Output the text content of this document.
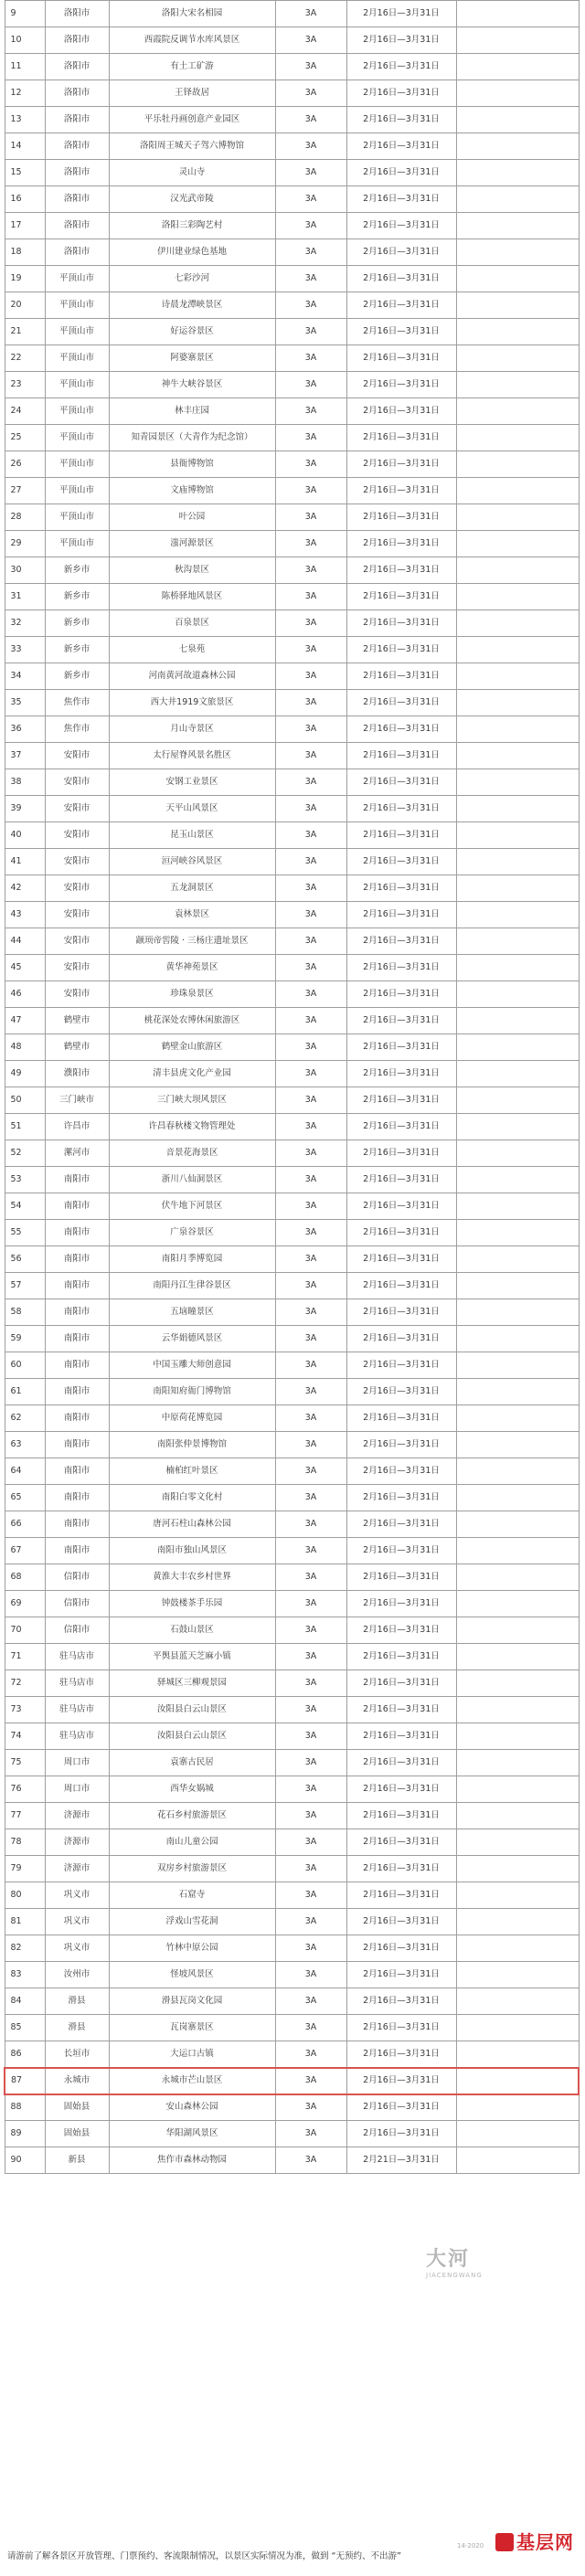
9	洛阳市	洛阳大宋名相园	3A	2月16日—3月31日	
10	洛阳市	西霞院反调节水库风景区	3A	2月16日—3月31日	
11	洛阳市	有土工矿游	3A	2月16日—3月31日	
12	洛阳市	王铎故居	3A	2月16日—3月31日	
13	洛阳市	平乐牡丹画创意产业园区	3A	2月16日—3月31日	
14	洛阳市	洛阳周王城天子驾六博物馆	3A	2月16日—3月31日	
15	洛阳市	灵山寺	3A	2月16日—3月31日	
16	洛阳市	汉光武帝陵	3A	2月16日—3月31日	
17	洛阳市	洛阳三彩陶艺村	3A	2月16日—3月31日	
18	洛阳市	伊川建业绿色基地	3A	2月16日—3月31日	
19	平顶山市	七彩沙河	3A	2月16日—3月31日	
20	平顶山市	诗晨龙潭峡景区	3A	2月16日—3月31日	
21	平顶山市	好运谷景区	3A	2月16日—3月31日	
22	平顶山市	阿婆寨景区	3A	2月16日—3月31日	
23	平顶山市	神牛大峡谷景区	3A	2月16日—3月31日	
24	平顶山市	林丰庄园	3A	2月16日—3月31日	
25	平顶山市	知青园景区（大青作为纪念馆）	3A	2月16日—3月31日	
26	平顶山市	县衙博物馆	3A	2月16日—3月31日	
27	平顶山市	文庙博物馆	3A	2月16日—3月31日	
28	平顶山市	叶公园	3A	2月16日—3月31日	
29	平顶山市	滍河源景区	3A	2月16日—3月31日	
30	新乡市	秋沟景区	3A	2月16日—3月31日	
31	新乡市	陈桥驿地风景区	3A	2月16日—3月31日	
32	新乡市	百泉景区	3A	2月16日—3月31日	
33	新乡市	七泉苑	3A	2月16日—3月31日	
34	新乡市	河南黄河故道森林公园	3A	2月16日—3月31日	
35	焦作市	西大井1919文旅景区	3A	2月16日—3月31日	
36	焦作市	月山寺景区	3A	2月16日—3月31日	
37	安阳市	太行屋脊风景名胜区	3A	2月16日—3月31日	
38	安阳市	安钢工业景区	3A	2月16日—3月31日	
39	安阳市	天平山风景区	3A	2月16日—3月31日	
40	安阳市	昆玉山景区	3A	2月16日—3月31日	
41	安阳市	洹河峡谷风景区	3A	2月16日—3月31日	
42	安阳市	五龙洞景区	3A	2月16日—3月31日	
43	安阳市	袁林景区	3A	2月16日—3月31日	
44	安阳市	颛顼帝喾陵 · 三杨庄遗址景区	3A	2月16日—3月31日	
45	安阳市	黄华神苑景区	3A	2月16日—3月31日	
46	安阳市	珍珠泉景区	3A	2月16日—3月31日	
47	鹤壁市	桃花深处农博休闲旅游区	3A	2月16日—3月31日	
48	鹤壁市	鹤壁金山旅游区	3A	2月16日—3月31日	
49	濮阳市	清丰县虎文化产业园	3A	2月16日—3月31日	
50	三门峡市	三门峡大坝风景区	3A	2月16日—3月31日	
51	许昌市	许昌春秋楼文物管理处	3A	2月16日—3月31日	
52	漯河市	音景花海景区	3A	2月16日—3月31日	
53	南阳市	浙川八仙洞景区	3A	2月16日—3月31日	
54	南阳市	伏牛地下河景区	3A	2月16日—3月31日	
55	南阳市	广泉谷景区	3A	2月16日—3月31日	
56	南阳市	南阳月季博览园	3A	2月16日—3月31日	
57	南阳市	南阳丹江生律谷景区	3A	2月16日—3月31日	
58	南阳市	五垴瞳景区	3A	2月16日—3月31日	
59	南阳市	云华娟德风景区	3A	2月16日—3月31日	
60	南阳市	中国玉雕大师创意园	3A	2月16日—3月31日	
61	南阳市	南阳知府衙门博物馆	3A	2月16日—3月31日	
62	南阳市	中原荷花博览园	3A	2月16日—3月31日	
63	南阳市	南阳张仲景博物馆	3A	2月16日—3月31日	
64	南阳市	楠柏红叶景区	3A	2月16日—3月31日	
65	南阳市	南阳白零文化村	3A	2月16日—3月31日	
66	南阳市	唐河石柱山森林公园	3A	2月16日—3月31日	
67	南阳市	南阳市独山风景区	3A	2月16日—3月31日	
68	信阳市	黄淮大丰农乡村世界	3A	2月16日—3月31日	
69	信阳市	钟鼓楼茶手乐园	3A	2月16日—3月31日	
70	信阳市	石鼓山景区	3A	2月16日—3月31日	
71	驻马店市	平舆县蓝天芝麻小镇	3A	2月16日—3月31日	
72	驻马店市	驿城区三柳观景园	3A	2月16日—3月31日	
73	驻马店市	汝阳县白云山景区	3A	2月16日—3月31日	
74	驻马店市	汝阳县白云山景区	3A	2月16日—3月31日	
75	周口市	袁寨古民居	3A	2月16日—3月31日	
76	周口市	西华女娲城	3A	2月16日—3月31日	
77	济源市	花石乡村旅游景区	3A	2月16日—3月31日	
78	济源市	南山儿童公园	3A	2月16日—3月31日	
79	济源市	双房乡村旅游景区	3A	2月16日—3月31日	
80	巩义市	石窟寺	3A	2月16日—3月31日	
81	巩义市	浮戏山雪花洞	3A	2月16日—3月31日	
82	巩义市	竹林中原公园	3A	2月16日—3月31日	
83	汝州市	怪坡风景区	3A	2月16日—3月31日	
84	滑县	滑县瓦岗文化园	3A	2月16日—3月31日	
85	滑县	瓦岗寨景区	3A	2月16日—3月31日	
86	长垣市	大运口古镇	3A	2月16日—3月31日	
87	永城市	永城市芒山景区	3A	2月16日—3月31日	
88	固始县	安山森林公园	3A	2月16日—3月31日	
89	固始县	华阳湖风景区	3A	2月16日—3月31日	
90	新县	焦作市森林动物园	3A	2月21日—3月31日	
请游前了解各景区开放管理、门票预约、客流限制情况，以景区实际情况为准，做到 “无预约、不出游”
大河
JIACENGWANG
14-2020	基层网
